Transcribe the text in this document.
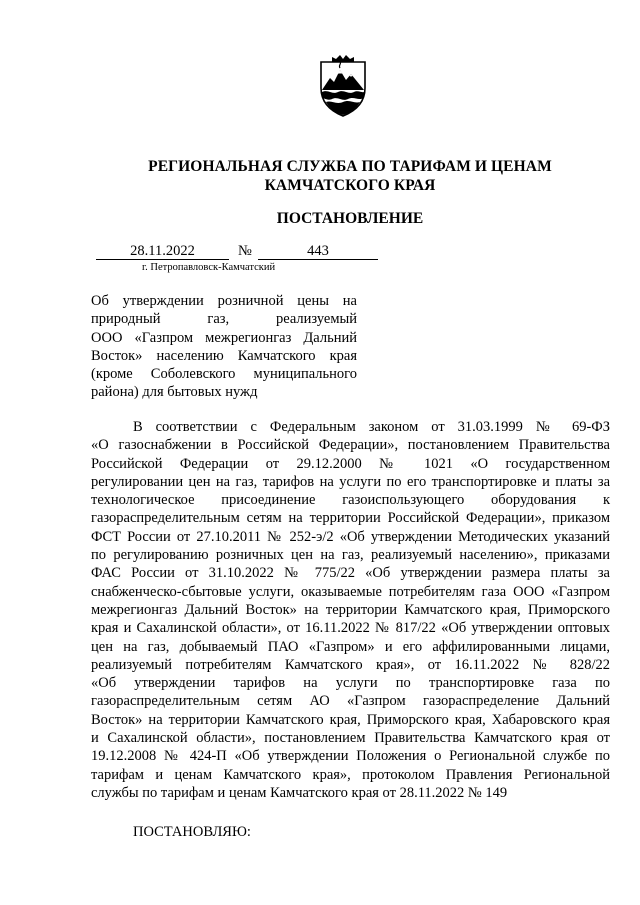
РЕГИОНАЛЬНАЯ СЛУЖБА ПО ТАРИФАМ И ЦЕНАМ
КАМЧАТСКОГО КРАЯ
ПОСТАНОВЛЕНИЕ
28.11.2022	№	443
г. Петропавловск-Камчатский
Об утверждении розничной цены на
природный газ, реализуемый
ООО «Газпром межрегионгаз Дальний
Восток» населению Камчатского края
(кроме Соболевского муниципального
района) для бытовых нужд
В соответствии с Федеральным законом от 31.03.1999 № 69-ФЗ
«О газоснабжении в Российской Федерации», постановлением Правительства
Российской Федерации от 29.12.2000 № 1021 «О государственном
регулировании цен на газ, тарифов на услуги по его транспортировке и платы за
технологическое присоединение газоиспользующего оборудования к
газораспределительным сетям на территории Российской Федерации», приказом
ФСТ России от 27.10.2011 № 252-э/2 «Об утверждении Методических указаний
по регулированию розничных цен на газ, реализуемый населению», приказами
ФАС России от 31.10.2022 № 775/22 «Об утверждении размера платы за
снабженческо-сбытовые услуги, оказываемые потребителям газа ООО «Газпром
межрегионгаз Дальний Восток» на территории Камчатского края, Приморского
края и Сахалинской области», от 16.11.2022 № 817/22 «Об утверждении оптовых
цен на газ, добываемый ПАО «Газпром» и его аффилированными лицами,
реализуемый потребителям Камчатского края», от 16.11.2022 № 828/22
«Об утверждении тарифов на услуги по транспортировке газа по
газораспределительным сетям АО «Газпром газораспределение Дальний
Восток» на территории Камчатского края, Приморского края, Хабаровского края
и Сахалинской области», постановлением Правительства Камчатского края от
19.12.2008 № 424-П «Об утверждении Положения о Региональной службе по
тарифам и ценам Камчатского края», протоколом Правления Региональной
службы по тарифам и ценам Камчатского края от 28.11.2022 № 149
ПОСТАНОВЛЯЮ:
